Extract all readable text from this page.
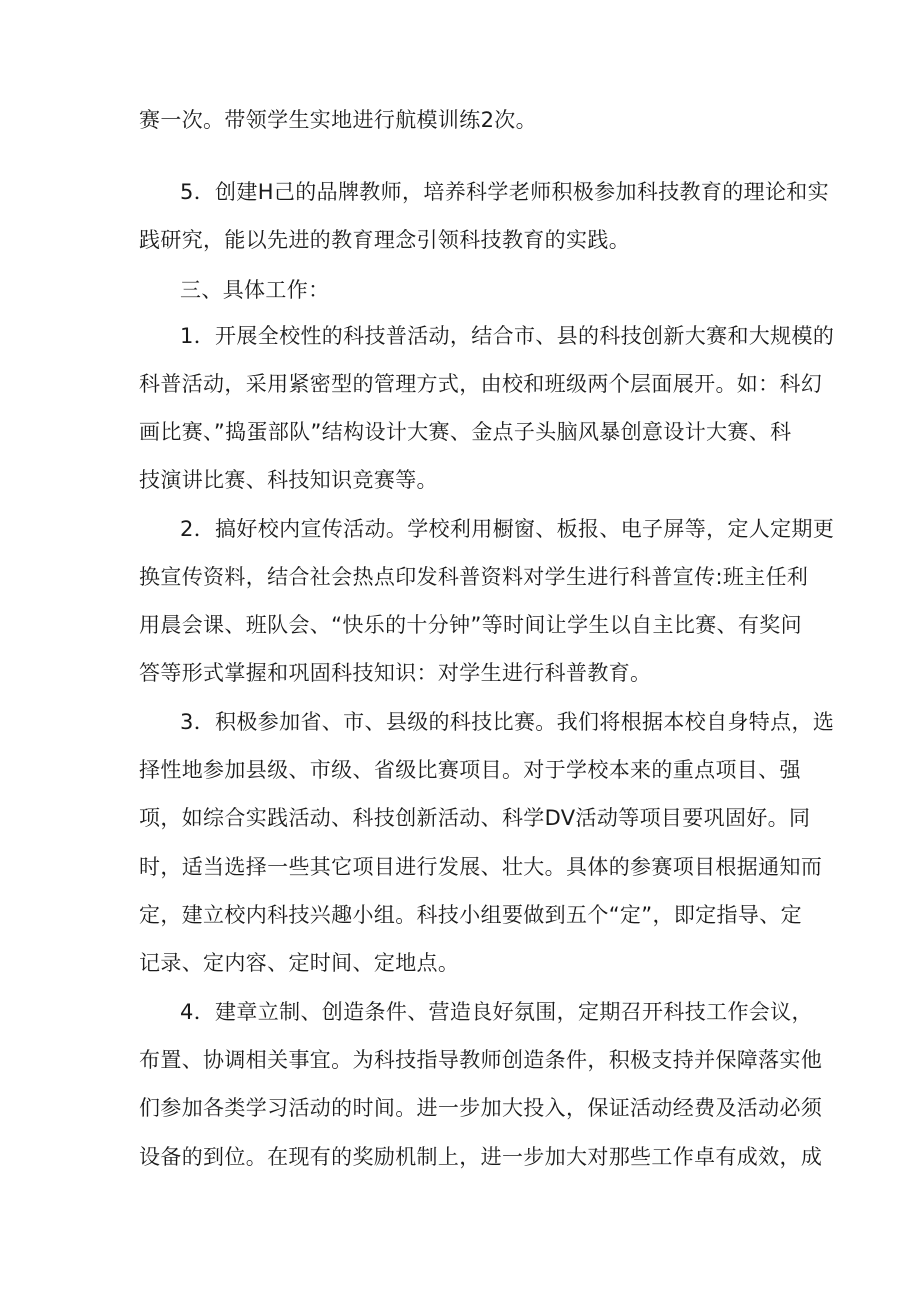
赛一次。带领学生实地进行航模训练2次。
5．创建H己的品牌教师，培养科学老师积极参加科技教育的理论和实
践研究，能以先进的教育理念引领科技教育的实践。
三、具体工作：
1．开展全校性的科技普活动，结合市、县的科技创新大赛和大规模的
科普活动，采用紧密型的管理方式，由校和班级两个层面展开。如：科幻
画比赛、”捣蛋部队”结构设计大赛、金点子头脑风暴创意设计大赛、科
技演讲比赛、科技知识竞赛等。
2．搞好校内宣传活动。学校利用橱窗、板报、电子屏等，定人定期更
换宣传资料，结合社会热点印发科普资料对学生进行科普宣传:班主任利
用晨会课、班队会、“快乐的十分钟”等时间让学生以自主比赛、有奖问
答等形式掌握和巩固科技知识：对学生进行科普教育。
3．积极参加省、市、县级的科技比赛。我们将根据本校自身特点，选
择性地参加县级、市级、省级比赛项目。对于学校本来的重点项目、强
项，如综合实践活动、科技创新活动、科学DV活动等项目要巩固好。同
时，适当选择一些其它项目进行发展、壮大。具体的参赛项目根据通知而
定，建立校内科技兴趣小组。科技小组要做到五个“定”，即定指导、定
记录、定内容、定时间、定地点。
4．建章立制、创造条件、营造良好氛围，定期召开科技工作会议，
布置、协调相关事宜。为科技指导教师创造条件，积极支持并保障落实他
们参加各类学习活动的时间。进一步加大投入，保证活动经费及活动必须
设备的到位。在现有的奖励机制上，进一步加大对那些工作卓有成效，成
